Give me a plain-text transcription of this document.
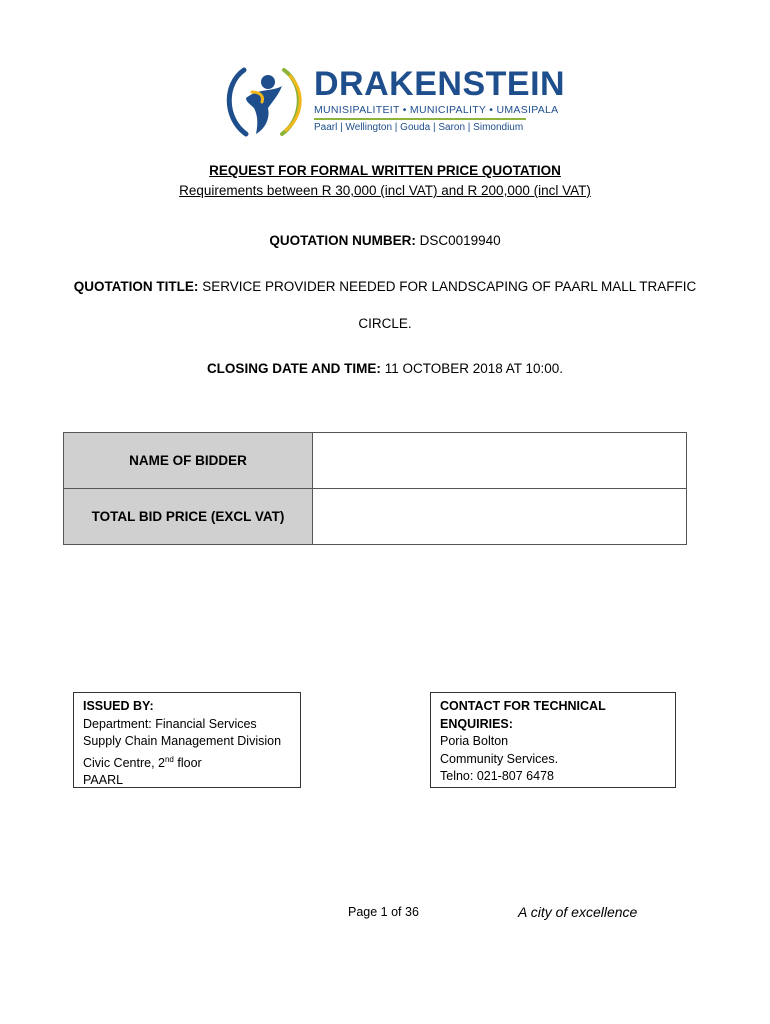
DRAKENSTEIN
MUNISIPALITEIT • MUNICIPALITY • UMASIPALA
Paarl | Wellington | Gouda | Saron | Simondium
REQUEST FOR FORMAL WRITTEN PRICE QUOTATION
Requirements between R 30,000 (incl VAT) and R 200,000 (incl VAT)
QUOTATION NUMBER: DSC0019940
QUOTATION TITLE: SERVICE PROVIDER NEEDED FOR LANDSCAPING OF PAARL MALL TRAFFIC
CIRCLE.
CLOSING DATE AND TIME: 11 OCTOBER 2018 AT 10:00.
NAME OF BIDDER	
TOTAL BID PRICE (EXCL VAT)	
ISSUED BY:
Department: Financial Services
Supply Chain Management Division
Civic Centre, 2nd floor
PAARL
CONTACT FOR TECHNICAL ENQUIRIES:
Poria Bolton
Community Services.
Telno: 021-807 6478
Page 1 of 36	A city of excellence
